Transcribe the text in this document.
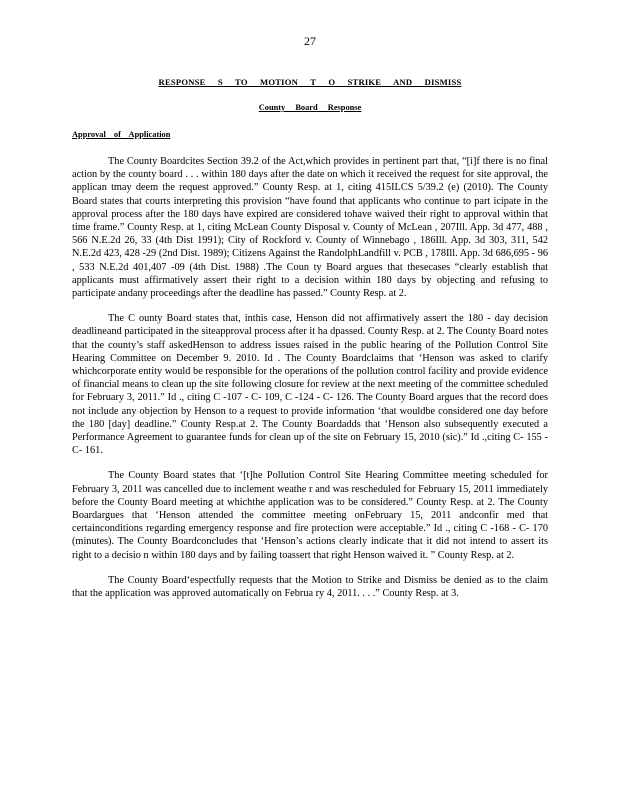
27
RESPONSE S TO MOTION T O STRIKE AND DISMISS
County Board Response
Approval of Application

The County Boardcites Section 39.2 of the Act,which provides in pertinent part that, “[i]f there is no final action by the county board . . . within 180 days after the date on which it received the request for site approval, the applican tmay deem the request approved.” County Resp. at 1, citing 415ILCS 5/39.2 (e) (2010). The County Board states that courts interpreting this provision “have found that applicants who continue to part icipate in the approval process after the 180 days have expired are considered tohave waived their right to approval within that time frame.” County Resp. at 1, citing McLean County Disposal v. County of McLean , 207Ill. App. 3d 477, 488 , 566 N.E.2d 26, 33 (4th Dist 1991); City of Rockford v. County of Winnebago , 186Ill. App. 3d 303, 311, 542 N.E.2d 423, 428 -29 (2nd Dist. 1989); Citizens Against the RandolphLandfill v. PCB , 178Ill. App. 3d 686,695 - 96 , 533 N.E.2d 401,407 -09 (4th Dist. 1988) .The Coun ty Board argues that thesecases “clearly establish that applicants must affirmatively assert their right to a decision within 180 days by objecting and refusing to participate andany proceedings after the deadline has passed.” County Resp. at 2.

The C ounty Board states that, inthis case, Henson did not affirmatively assert the 180 - day decision deadlineand participated in the siteapproval process after it ha dpassed. County Resp. at 2. The County Board notes that the county’s staff askedHenson to address issues raised in the public hearing of the Pollution Control Site Hearing Committee on December 9. 2010. Id . The County Boardclaims that ‘Henson was asked to clarify whichcorporate entity would be responsible for the operations of the pollution control facility and provide evidence of financial means to clean up the site following closure for review at the next meeting of the committee scheduled for February 3, 2011.” Id ., citing C -107 - C- 109, C -124 - C- 126. The County Board argues that the record does not include any objection by Henson to a request to provide information ‘that wouldbe considered one day before the 180 [day] deadline.” County Resp.at 2. The County Boardadds that ‘Henson also subsequently executed a Performance Agreement to guarantee funds for clean up of the site on February 15, 2010 (sic).” Id .,citing C- 155 - C- 161.

The County Board states that ‘[t]he Pollution Control Site Hearing Committee meeting scheduled for February 3, 2011 was cancelled due to inclement weathe r and was rescheduled for February 15, 2011 immediately before the County Board meeting at whichthe application was to be considered.” County Resp. at 2. The County Boardargues that ‘Henson attended the committee meeting onFebruary 15, 2011 andconfir med that certainconditions regarding emergency response and fire protection were acceptable.” Id ., citing C -168 - C- 170 (minutes). The County Boardconcludes that ‘Henson’s actions clearly indicate that it did not intend to assert its right to a decisio n within 180 days and by failing toassert that right Henson waived it. ” County Resp. at 2.

The County Board‘espectfully requests that the Motion to Strike and Dismiss be denied as to the claim that the application was approved automatically on Februa ry 4, 2011. . . .” County Resp. at 3.
